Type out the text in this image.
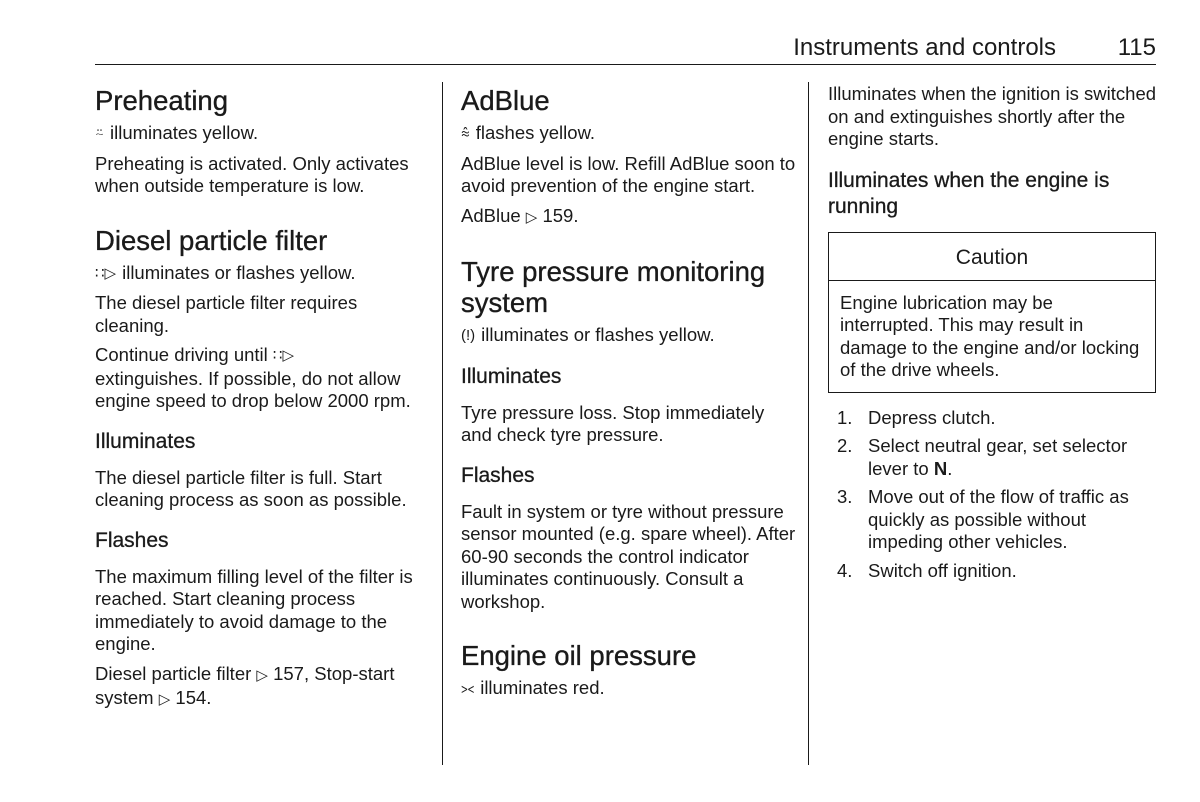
Instruments and controls	115
Preheating

⍨ illuminates yellow.

Preheating is activated. Only activates when outside temperature is low.

Diesel particle filter

∷▷ illuminates or flashes yellow.

The diesel particle filter requires cleaning.

Continue driving until ∷▷
extinguishes. If possible, do not allow engine speed to drop below 2000 rpm.

Illuminates

The diesel particle filter is full. Start cleaning process as soon as possible.

Flashes

The maximum filling level of the filter is reached. Start cleaning process immediately to avoid damage to the engine.

Diesel particle filter ▷ 157, Stop-start system ▷ 154.

AdBlue

⩯ flashes yellow.

AdBlue level is low. Refill AdBlue soon to avoid prevention of the engine start.

AdBlue ▷ 159.

Tyre pressure monitoring
system

(!) illuminates or flashes yellow.

Illuminates

Tyre pressure loss. Stop immediately and check tyre pressure.

Flashes

Fault in system or tyre without pressure sensor mounted (e.g. spare wheel). After 60-90 seconds the control indicator illuminates continuously. Consult a workshop.

Engine oil pressure

⪥ illuminates red.

Illuminates when the ignition is switched on and extinguishes shortly after the engine starts.

Illuminates when the engine is running
Caution
Engine lubrication may be interrupted. This may result in damage to the engine and/or locking of the drive wheels.
1. Depress clutch.
2. Select neutral gear, set selector lever to N.
3. Move out of the flow of traffic as quickly as possible without impeding other vehicles.
4. Switch off ignition.
